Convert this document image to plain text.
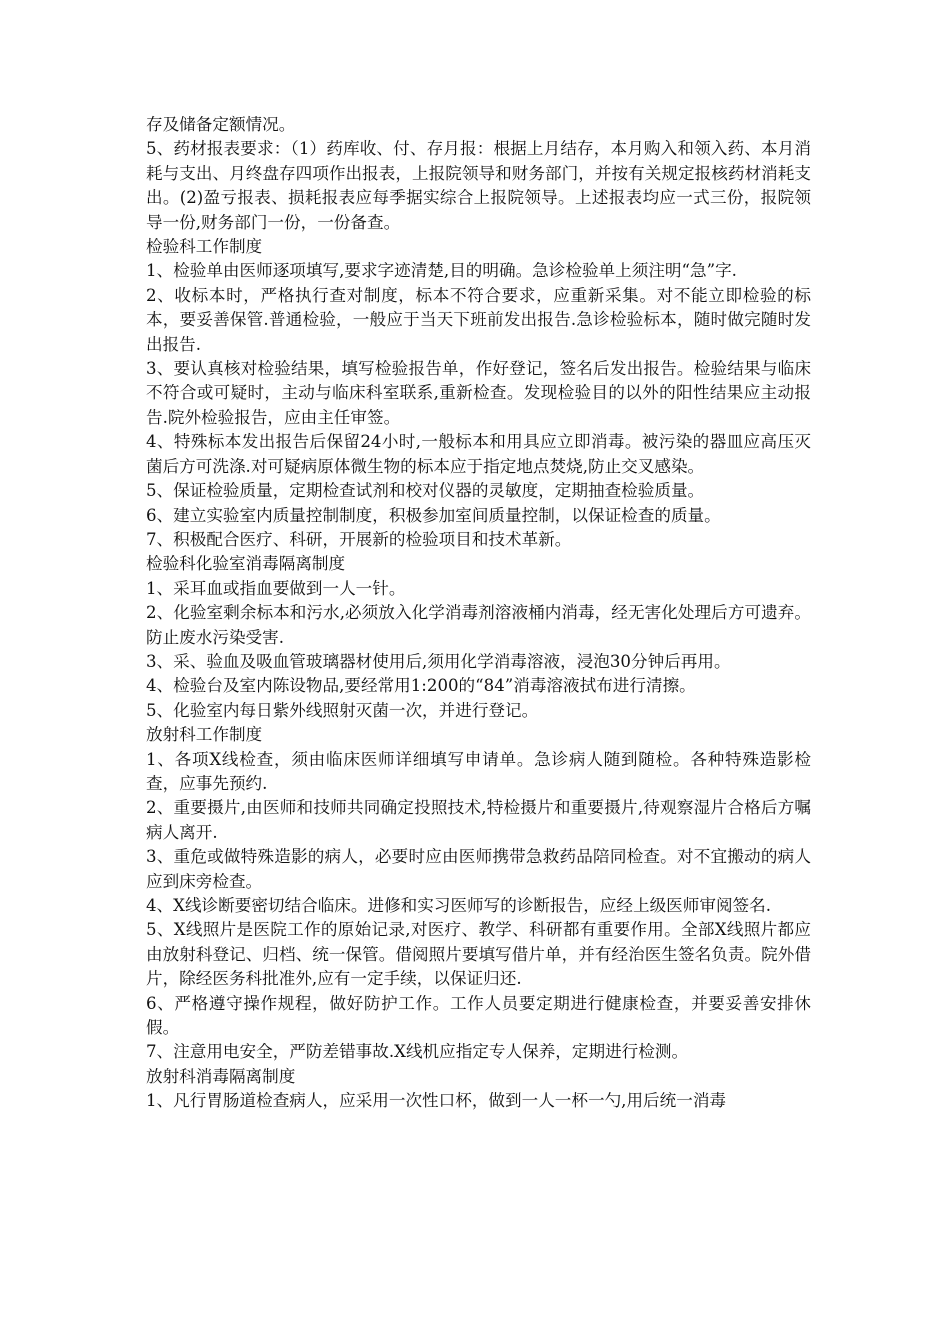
存及储备定额情况。

5、药材报表要求：（1）药库收、付、存月报：根据上月结存，本月购入和领入药、本月消耗与支出、月终盘存四项作出报表，上报院领导和财务部门，并按有关规定报核药材消耗支出。(2)盈亏报表、损耗报表应每季据实综合上报院领导。上述报表均应一式三份，报院领导一份,财务部门一份，一份备查。

检验科工作制度

1、检验单由医师逐项填写,要求字迹清楚,目的明确。急诊检验单上须注明“急”字.

2、收标本时，严格执行查对制度，标本不符合要求，应重新采集。对不能立即检验的标本，要妥善保管.普通检验，一般应于当天下班前发出报告.急诊检验标本，随时做完随时发出报告.

3、要认真核对检验结果，填写检验报告单，作好登记，签名后发出报告。检验结果与临床不符合或可疑时，主动与临床科室联系,重新检查。发现检验目的以外的阳性结果应主动报告.院外检验报告，应由主任审签。

4、特殊标本发出报告后保留24小时,一般标本和用具应立即消毒。被污染的器皿应高压灭菌后方可洗涤.对可疑病原体微生物的标本应于指定地点焚烧,防止交叉感染。

5、保证检验质量，定期检查试剂和校对仪器的灵敏度，定期抽查检验质量。

6、建立实验室内质量控制制度，积极参加室间质量控制，以保证检查的质量。

7、积极配合医疗、科研，开展新的检验项目和技术革新。

检验科化验室消毒隔离制度

1、采耳血或指血要做到一人一针。

2、化验室剩余标本和污水,必须放入化学消毒剂溶液桶内消毒，经无害化处理后方可遗弃。防止废水污染受害.

3、采、验血及吸血管玻璃器材使用后,须用化学消毒溶液，浸泡30分钟后再用。

4、检验台及室内陈设物品,要经常用1:200的“84”消毒溶液拭布进行清擦。

5、化验室内每日紫外线照射灭菌一次，并进行登记。

放射科工作制度

1、各项X线检查，须由临床医师详细填写申请单。急诊病人随到随检。各种特殊造影检查，应事先预约.

2、重要摄片,由医师和技师共同确定投照技术,特检摄片和重要摄片,待观察湿片合格后方嘱病人离开.

3、重危或做特殊造影的病人，必要时应由医师携带急救药品陪同检查。对不宜搬动的病人应到床旁检查。

4、X线诊断要密切结合临床。进修和实习医师写的诊断报告，应经上级医师审阅签名.

5、X线照片是医院工作的原始记录,对医疗、教学、科研都有重要作用。全部X线照片都应由放射科登记、归档、统一保管。借阅照片要填写借片单，并有经治医生签名负责。院外借片，除经医务科批准外,应有一定手续，以保证归还.

6、严格遵守操作规程，做好防护工作。工作人员要定期进行健康检查，并要妥善安排休假。

7、注意用电安全，严防差错事故.X线机应指定专人保养，定期进行检测。

放射科消毒隔离制度

1、凡行胃肠道检查病人，应采用一次性口杯，做到一人一杯一勺,用后统一消毒
